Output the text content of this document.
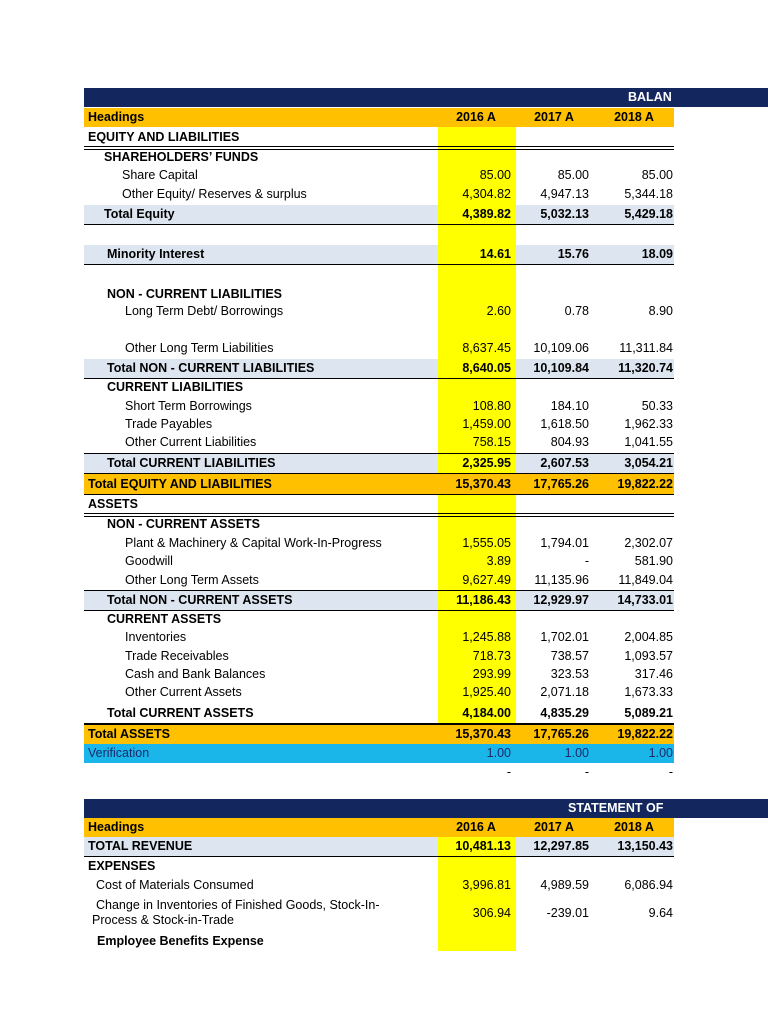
BALAN
Headings	2016 A	2017 A	2018 A
EQUITY AND LIABILITIES
SHAREHOLDERS’ FUNDS
Share Capital	85.00	85.00	85.00
Other Equity/ Reserves & surplus	4,304.82	4,947.13	5,344.18
Total Equity	4,389.82	5,032.13	5,429.18
Minority Interest	14.61	15.76	18.09
NON - CURRENT LIABILITIES
Long Term Debt/ Borrowings	2.60	0.78	8.90
Other Long Term Liabilities	8,637.45	10,109.06	11,311.84
Total NON - CURRENT LIABILITIES	8,640.05	10,109.84	11,320.74
CURRENT LIABILITIES
Short Term Borrowings	108.80	184.10	50.33
Trade Payables	1,459.00	1,618.50	1,962.33
Other Current Liabilities	758.15	804.93	1,041.55
Total CURRENT LIABILITIES	2,325.95	2,607.53	3,054.21
Total EQUITY AND LIABILITIES	15,370.43	17,765.26	19,822.22
ASSETS
NON - CURRENT ASSETS
Plant & Machinery & Capital Work-In-Progress	1,555.05	1,794.01	2,302.07
Goodwill	3.89	-	581.90
Other Long Term Assets	9,627.49	11,135.96	11,849.04
Total NON - CURRENT ASSETS	11,186.43	12,929.97	14,733.01
CURRENT ASSETS
Inventories	1,245.88	1,702.01	2,004.85
Trade Receivables	718.73	738.57	1,093.57
Cash and Bank Balances	293.99	323.53	317.46
Other Current Assets	1,925.40	2,071.18	1,673.33
Total CURRENT ASSETS	4,184.00	4,835.29	5,089.21
Total ASSETS	15,370.43	17,765.26	19,822.22
Verification	1.00	1.00	1.00
-	-	-
STATEMENT OF
Headings	2016 A	2017 A	2018 A
TOTAL REVENUE	10,481.13	12,297.85	13,150.43
EXPENSES
Cost of Materials Consumed	3,996.81	4,989.59	6,086.94
Change in Inventories of Finished Goods, Stock-In-
Process & Stock-in-Trade	306.94	-239.01	9.64
Employee Benefits Expense
